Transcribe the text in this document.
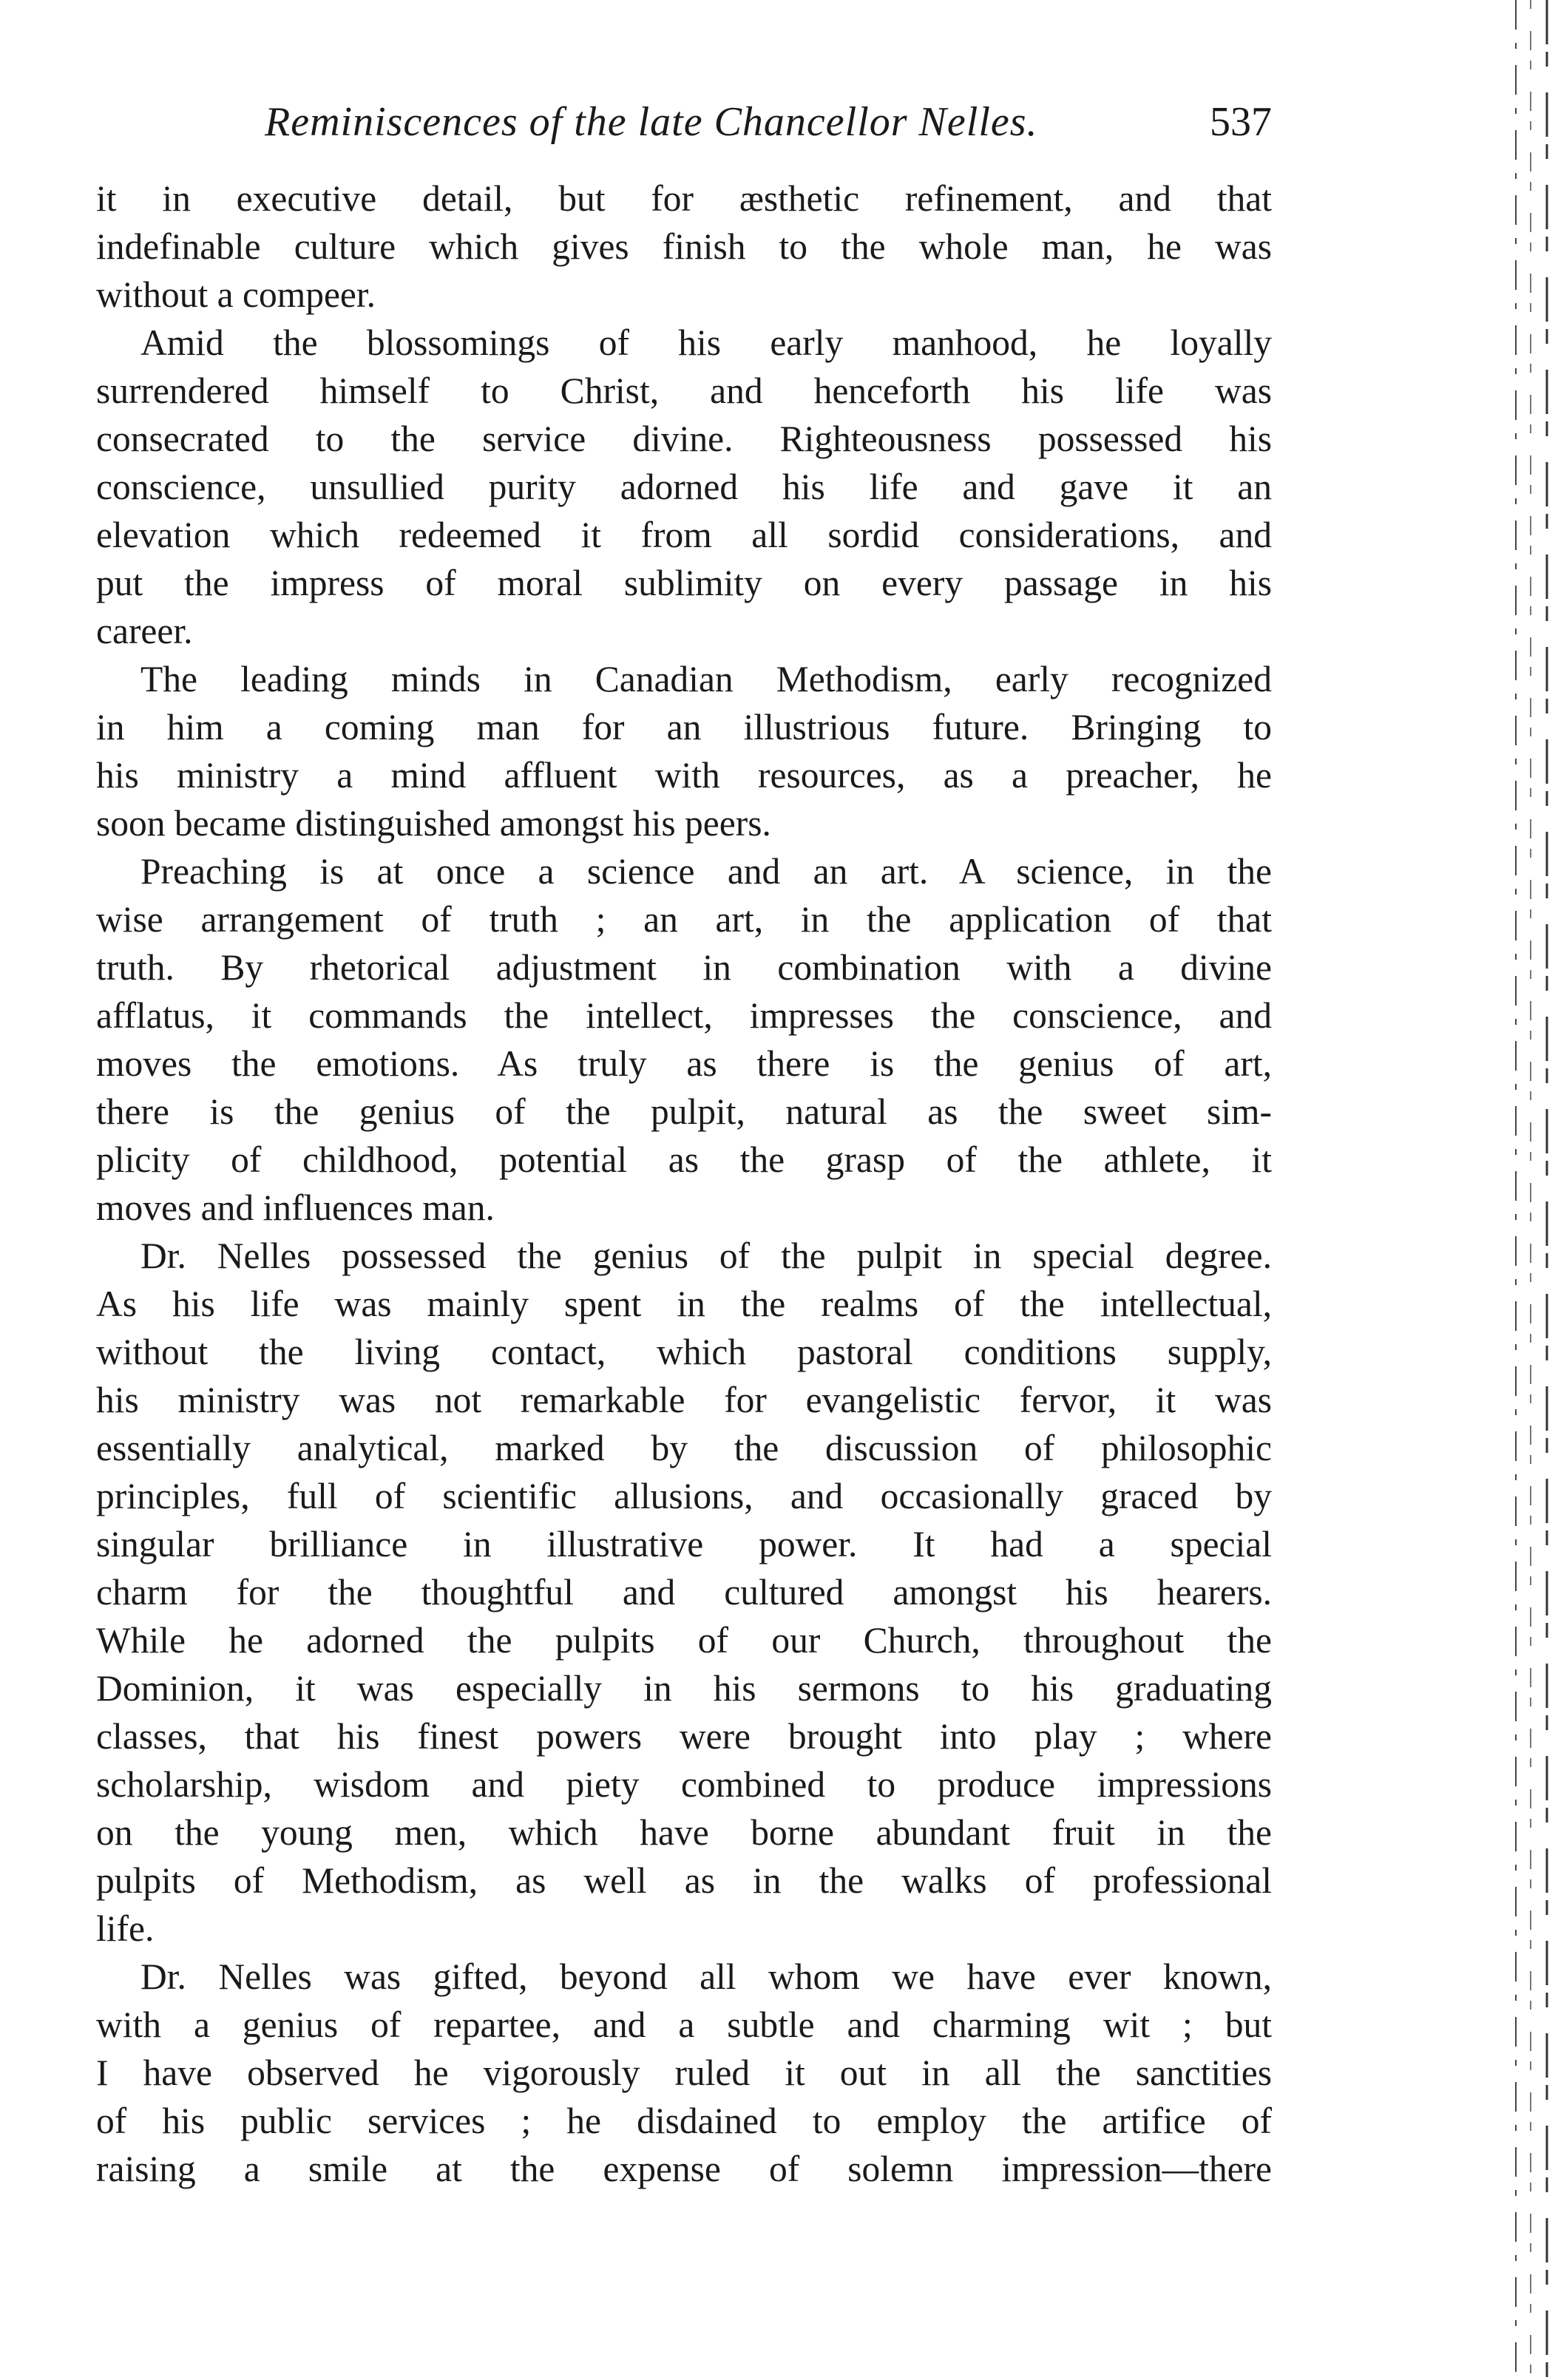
Reminiscences of the late Chancellor Nelles.	537

it in executive detail, but for æsthetic refinement, and that
indefinable culture which gives finish to the whole man, he was
without a compeer.

Amid the blossomings of his early manhood, he loyally
surrendered himself to Christ, and henceforth his life was
consecrated to the service divine. Righteousness possessed his
conscience, unsullied purity adorned his life and gave it an
elevation which redeemed it from all sordid considerations, and
put the impress of moral sublimity on every passage in his
career.

The leading minds in Canadian Methodism, early recognized
in him a coming man for an illustrious future. Bringing to
his ministry a mind affluent with resources, as a preacher, he
soon became distinguished amongst his peers.

Preaching is at once a science and an art. A science, in the
wise arrangement of truth ; an art, in the application of that
truth. By rhetorical adjustment in combination with a divine
afflatus, it commands the intellect, impresses the conscience, and
moves the emotions. As truly as there is the genius of art,
there is the genius of the pulpit, natural as the sweet sim-
plicity of childhood, potential as the grasp of the athlete, it
moves and influences man.

Dr. Nelles possessed the genius of the pulpit in special degree.
As his life was mainly spent in the realms of the intellectual,
without the living contact, which pastoral conditions supply,
his ministry was not remarkable for evangelistic fervor, it was
essentially analytical, marked by the discussion of philosophic
principles, full of scientific allusions, and occasionally graced by
singular brilliance in illustrative power. It had a special
charm for the thoughtful and cultured amongst his hearers.
While he adorned the pulpits of our Church, throughout the
Dominion, it was especially in his sermons to his graduating
classes, that his finest powers were brought into play ; where
scholarship, wisdom and piety combined to produce impressions
on the young men, which have borne abundant fruit in the
pulpits of Methodism, as well as in the walks of professional
life.

Dr. Nelles was gifted, beyond all whom we have ever known,
with a genius of repartee, and a subtle and charming wit ; but
I have observed he vigorously ruled it out in all the sanctities
of his public services ; he disdained to employ the artifice of
raising a smile at the expense of solemn impression—there
